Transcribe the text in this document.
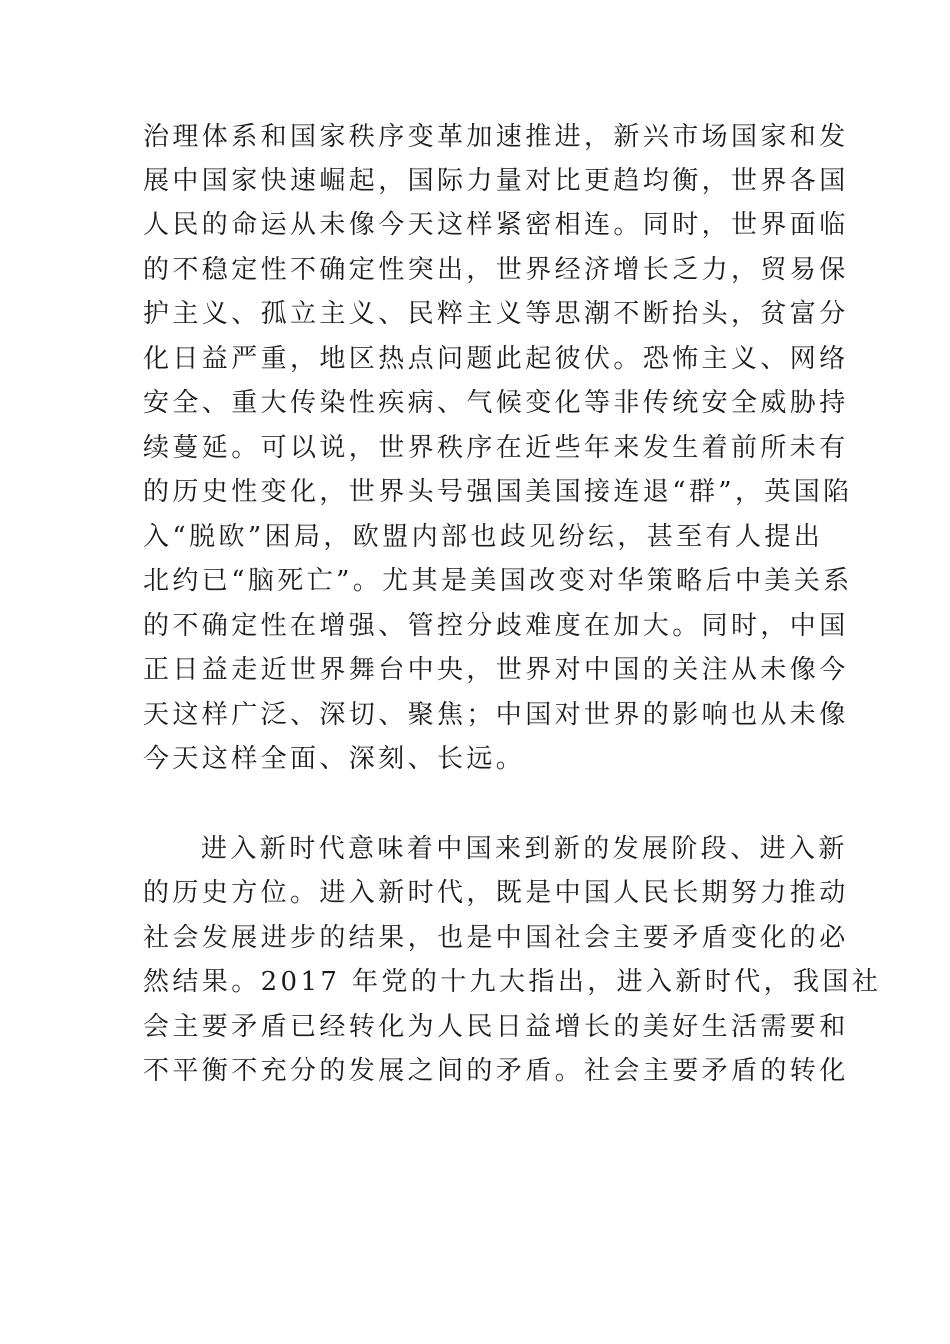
治理体系和国家秩序变革加速推进，新兴市场国家和发
展中国家快速崛起，国际力量对比更趋均衡，世界各国
人民的命运从未像今天这样紧密相连。同时，世界面临
的不稳定性不确定性突出，世界经济增长乏力，贸易保
护主义、孤立主义、民粹主义等思潮不断抬头，贫富分
化日益严重，地区热点问题此起彼伏。恐怖主义、网络
安全、重大传染性疾病、气候变化等非传统安全威胁持
续蔓延。可以说，世界秩序在近些年来发生着前所未有
的历史性变化，世界头号强国美国接连退“群”，英国陷
入“脱欧”困局，欧盟内部也歧见纷纭，甚至有人提出
北约已“脑死亡”。尤其是美国改变对华策略后中美关系
的不确定性在增强、管控分歧难度在加大。同时，中国
正日益走近世界舞台中央，世界对中国的关注从未像今
天这样广泛、深切、聚焦；中国对世界的影响也从未像
今天这样全面、深刻、长远。
进入新时代意味着中国来到新的发展阶段、进入新
的历史方位。进入新时代，既是中国人民长期努力推动
社会发展进步的结果，也是中国社会主要矛盾变化的必
然结果。2017 年党的十九大指出，进入新时代，我国社
会主要矛盾已经转化为人民日益增长的美好生活需要和
不平衡不充分的发展之间的矛盾。社会主要矛盾的转化
